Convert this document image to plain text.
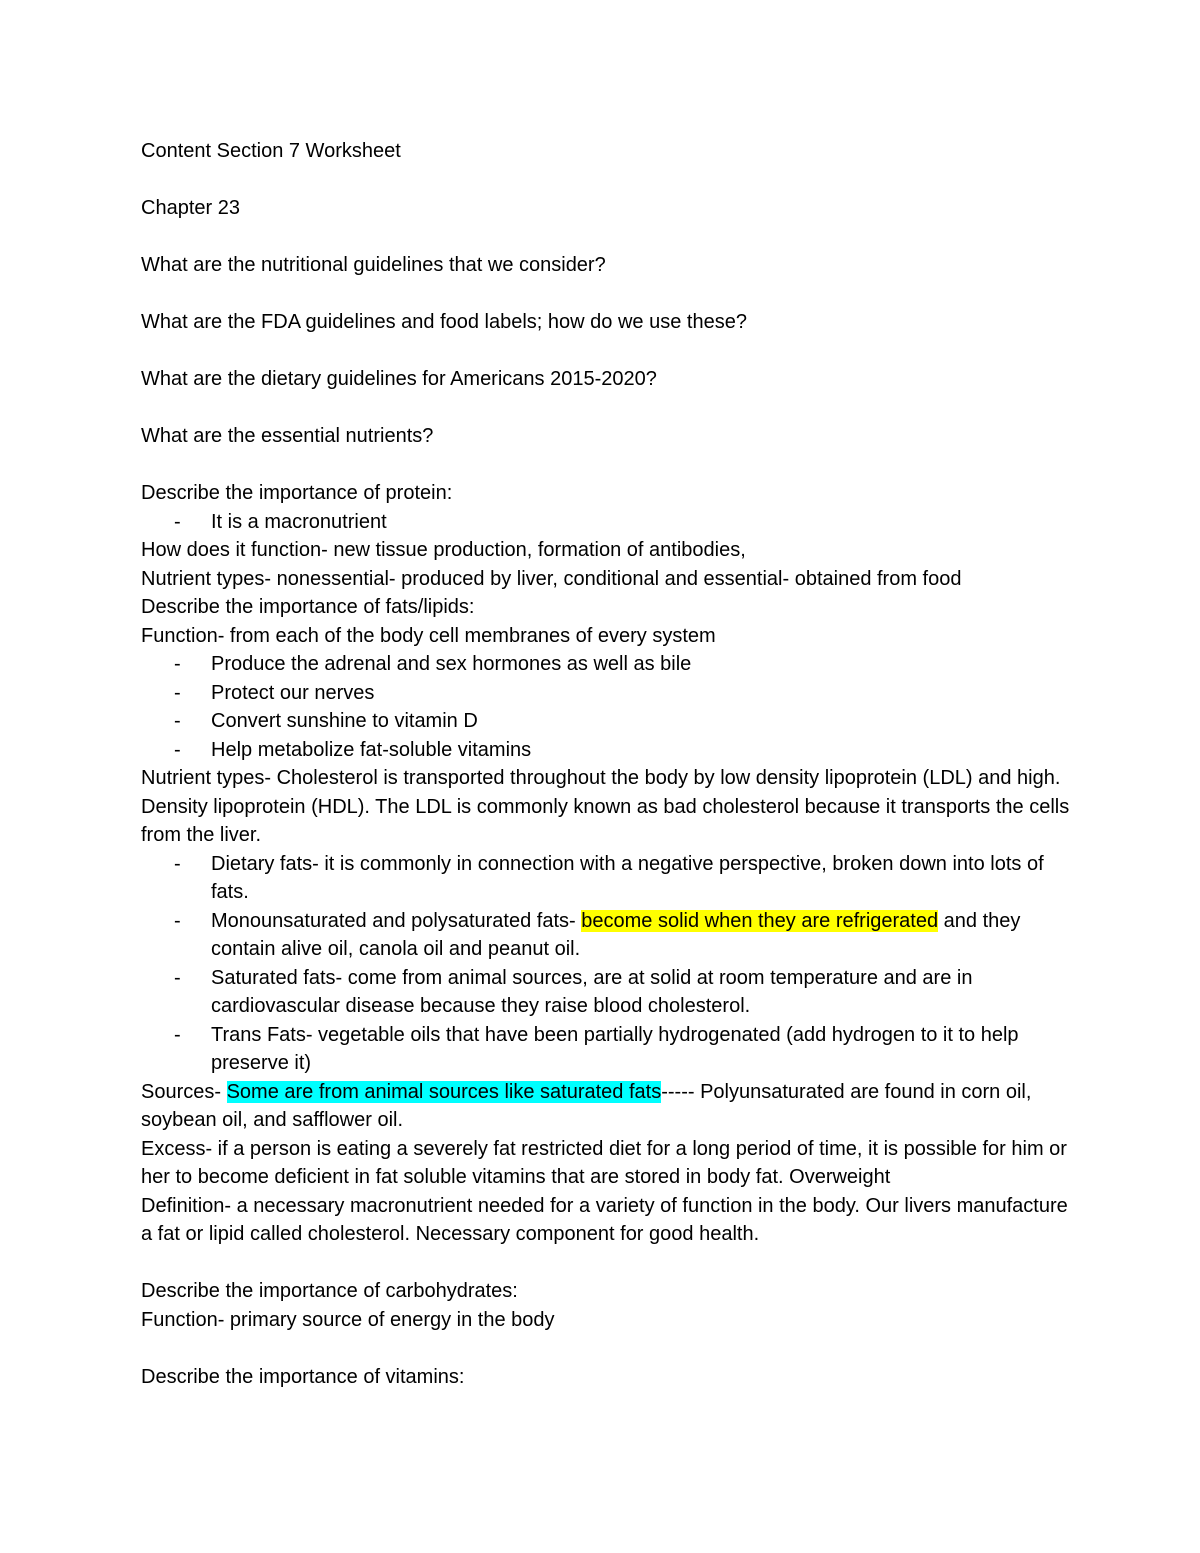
Content Section 7 Worksheet

Chapter 23

What are the nutritional guidelines that we consider?

What are the FDA guidelines and food labels; how do we use these?

What are the dietary guidelines for Americans 2015-2020?

What are the essential nutrients?

Describe the importance of protein:

- It is a macronutrient

How does it function- new tissue production, formation of antibodies,

Nutrient types- nonessential- produced by liver, conditional and essential- obtained from food

Describe the importance of fats/lipids:

Function- from each of the body cell membranes of every system

- Produce the adrenal and sex hormones as well as bile
- Protect our nerves
- Convert sunshine to vitamin D
- Help metabolize fat-soluble vitamins

Nutrient types- Cholesterol is transported throughout the body by low density lipoprotein (LDL) and high. Density lipoprotein (HDL). The LDL is commonly known as bad cholesterol because it transports the cells from the liver.

- Dietary fats- it is commonly in connection with a negative perspective, broken down into lots of fats.
- Monounsaturated and polysaturated fats- become solid when they are refrigerated and they contain alive oil, canola oil and peanut oil.
- Saturated fats- come from animal sources, are at solid at room temperature and are in cardiovascular disease because they raise blood cholesterol.
- Trans Fats- vegetable oils that have been partially hydrogenated (add hydrogen to it to help preserve it)

Sources- Some are from animal sources like saturated fats----- Polyunsaturated are found in corn oil, soybean oil, and safflower oil.

Excess- if a person is eating a severely fat restricted diet for a long period of time, it is possible for him or her to become deficient in fat soluble vitamins that are stored in body fat. Overweight

Definition- a necessary macronutrient needed for a variety of function in the body. Our livers manufacture a fat or lipid called cholesterol. Necessary component for good health.

Describe the importance of carbohydrates:

Function- primary source of energy in the body

Describe the importance of vitamins:
